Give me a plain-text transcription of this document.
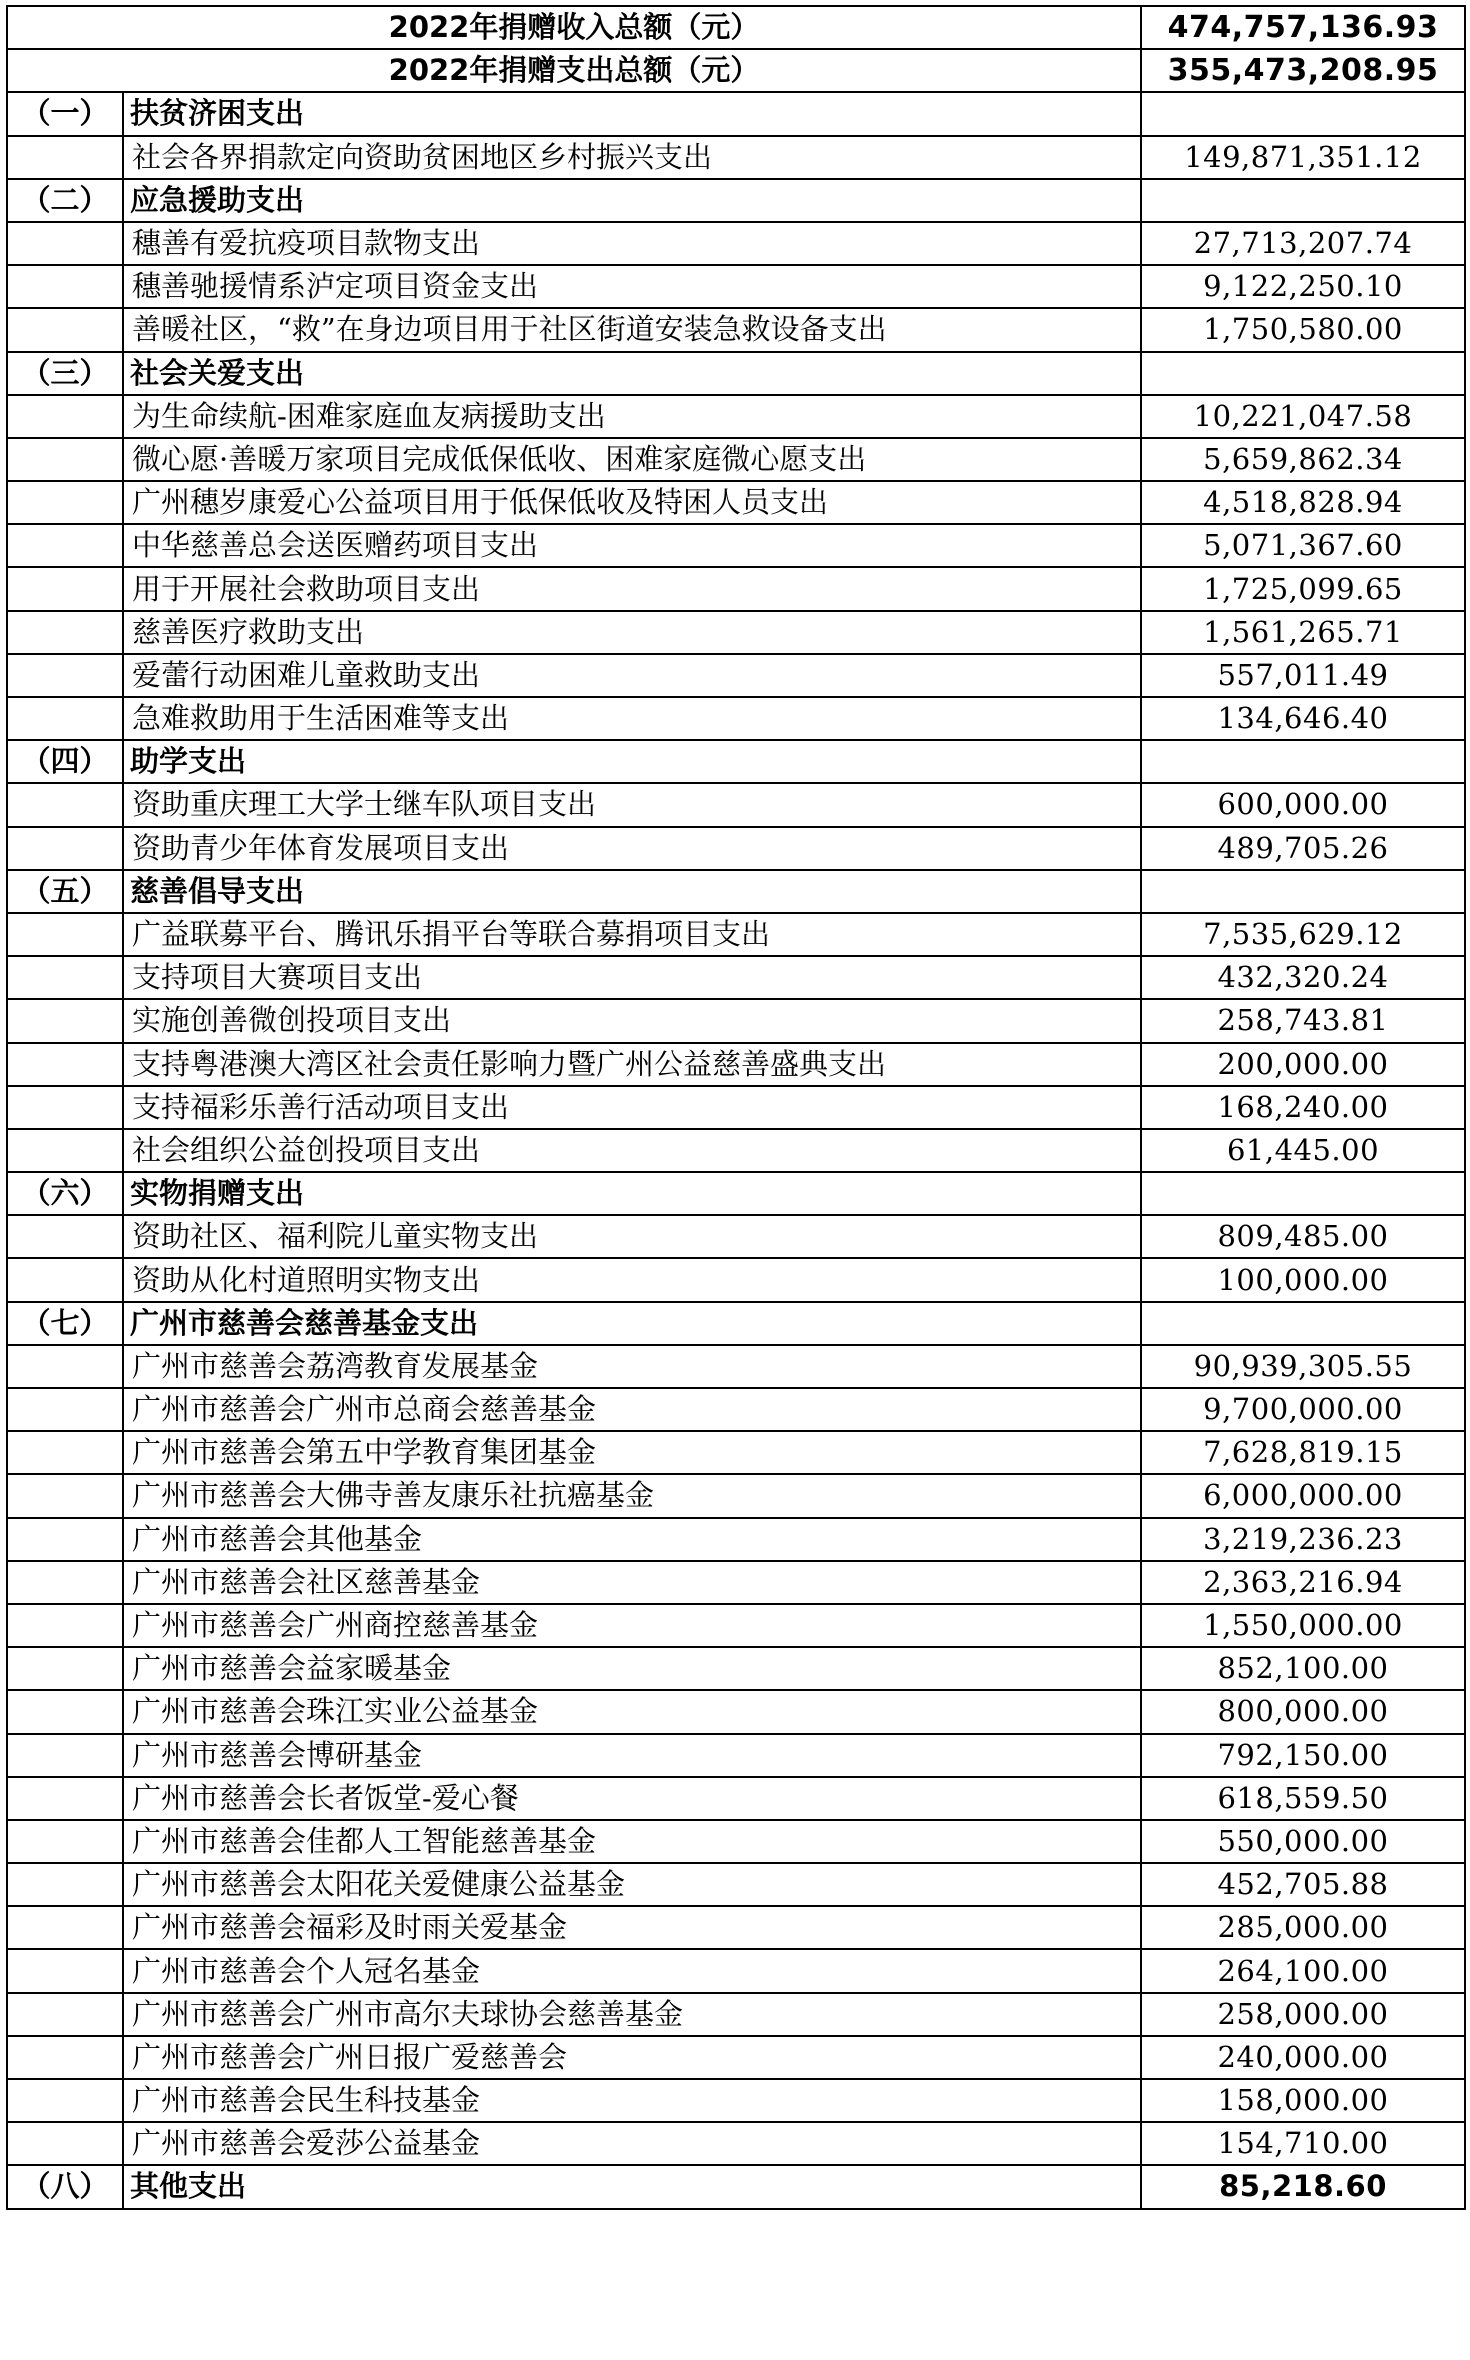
2022年捐赠收入总额（元）		474,757,136.93
2022年捐赠支出总额（元）		355,473,208.95
（一）	扶贫济困支出	
	社会各界捐款定向资助贫困地区乡村振兴支出	149,871,351.12
（二）	应急援助支出	
	穗善有爱抗疫项目款物支出	27,713,207.74
	穗善驰援情系泸定项目资金支出	9,122,250.10
	善暖社区，“救”在身边项目用于社区街道安装急救设备支出	1,750,580.00
（三）	社会关爱支出	
	为生命续航-困难家庭血友病援助支出	10,221,047.58
	微心愿·善暖万家项目完成低保低收、困难家庭微心愿支出	5,659,862.34
	广州穗岁康爱心公益项目用于低保低收及特困人员支出	4,518,828.94
	中华慈善总会送医赠药项目支出	5,071,367.60
	用于开展社会救助项目支出	1,725,099.65
	慈善医疗救助支出	1,561,265.71
	爱蕾行动困难儿童救助支出	557,011.49
	急难救助用于生活困难等支出	134,646.40
（四）	助学支出	
	资助重庆理工大学士继车队项目支出	600,000.00
	资助青少年体育发展项目支出	489,705.26
（五）	慈善倡导支出	
	广益联募平台、腾讯乐捐平台等联合募捐项目支出	7,535,629.12
	支持项目大赛项目支出	432,320.24
	实施创善微创投项目支出	258,743.81
	支持粤港澳大湾区社会责任影响力暨广州公益慈善盛典支出	200,000.00
	支持福彩乐善行活动项目支出	168,240.00
	社会组织公益创投项目支出	61,445.00
（六）	实物捐赠支出	
	资助社区、福利院儿童实物支出	809,485.00
	资助从化村道照明实物支出	100,000.00
（七）	广州市慈善会慈善基金支出	
	广州市慈善会荔湾教育发展基金	90,939,305.55
	广州市慈善会广州市总商会慈善基金	9,700,000.00
	广州市慈善会第五中学教育集团基金	7,628,819.15
	广州市慈善会大佛寺善友康乐社抗癌基金	6,000,000.00
	广州市慈善会其他基金	3,219,236.23
	广州市慈善会社区慈善基金	2,363,216.94
	广州市慈善会广州商控慈善基金	1,550,000.00
	广州市慈善会益家暖基金	852,100.00
	广州市慈善会珠江实业公益基金	800,000.00
	广州市慈善会博研基金	792,150.00
	广州市慈善会长者饭堂-爱心餐	618,559.50
	广州市慈善会佳都人工智能慈善基金	550,000.00
	广州市慈善会太阳花关爱健康公益基金	452,705.88
	广州市慈善会福彩及时雨关爱基金	285,000.00
	广州市慈善会个人冠名基金	264,100.00
	广州市慈善会广州市高尔夫球协会慈善基金	258,000.00
	广州市慈善会广州日报广爱慈善会	240,000.00
	广州市慈善会民生科技基金	158,000.00
	广州市慈善会爱莎公益基金	154,710.00
（八）	其他支出	85,218.60
